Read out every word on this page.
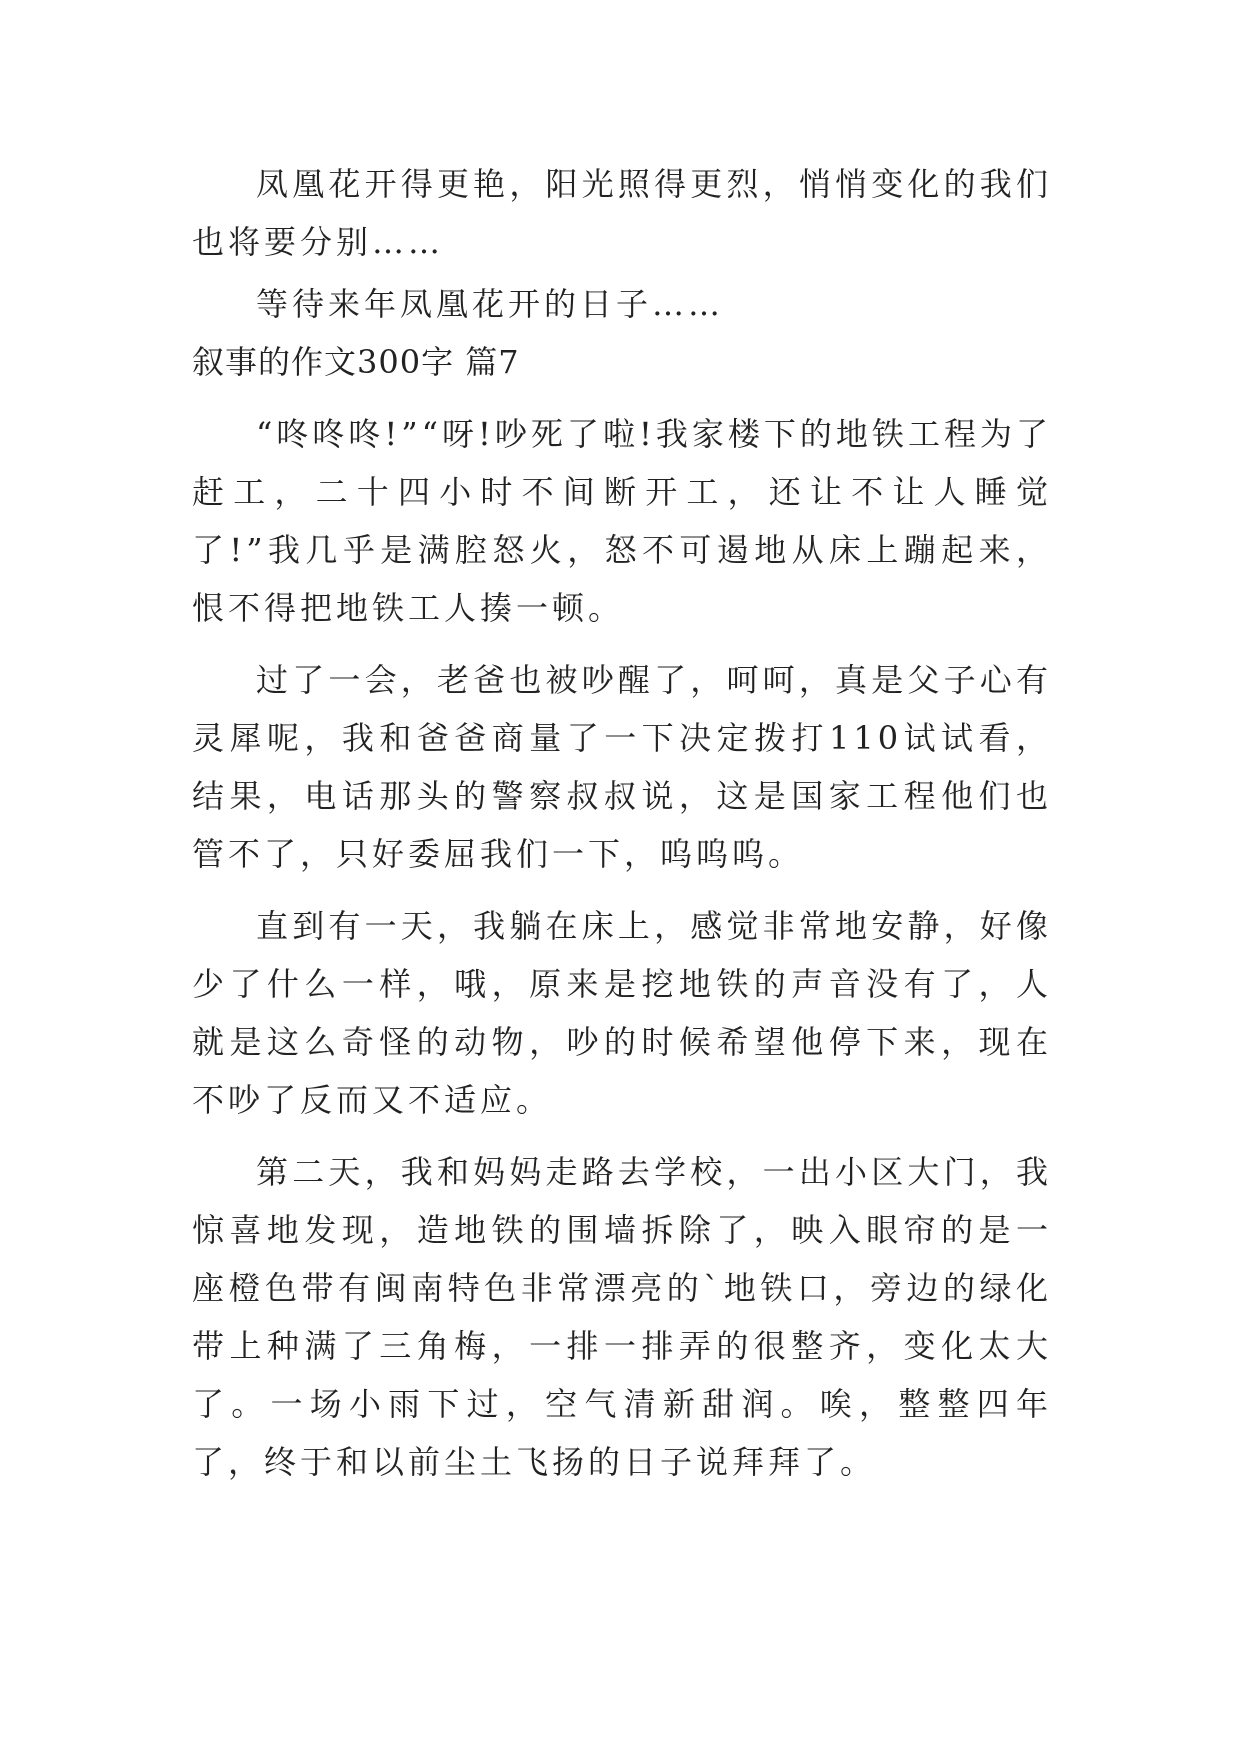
凤凰花开得更艳，阳光照得更烈，悄悄变化的我们也将要分别……

等待来年凤凰花开的日子……

叙事的作文300字 篇7

“咚咚咚!”“呀!吵死了啦!我家楼下的地铁工程为了赶工，二十四小时不间断开工，还让不让人睡觉了!”我几乎是满腔怒火，怒不可遏地从床上蹦起来，恨不得把地铁工人揍一顿。

过了一会，老爸也被吵醒了，呵呵，真是父子心有灵犀呢，我和爸爸商量了一下决定拨打110试试看，结果，电话那头的警察叔叔说，这是国家工程他们也管不了，只好委屈我们一下，呜呜呜。

直到有一天，我躺在床上，感觉非常地安静，好像少了什么一样，哦，原来是挖地铁的声音没有了，人就是这么奇怪的动物，吵的时候希望他停下来，现在不吵了反而又不适应。

第二天，我和妈妈走路去学校，一出小区大门，我惊喜地发现，造地铁的围墙拆除了，映入眼帘的是一座橙色带有闽南特色非常漂亮的`地铁口，旁边的绿化带上种满了三角梅，一排一排弄的很整齐，变化太大了。一场小雨下过，空气清新甜润。唉，整整四年了，终于和以前尘土飞扬的日子说拜拜了。
